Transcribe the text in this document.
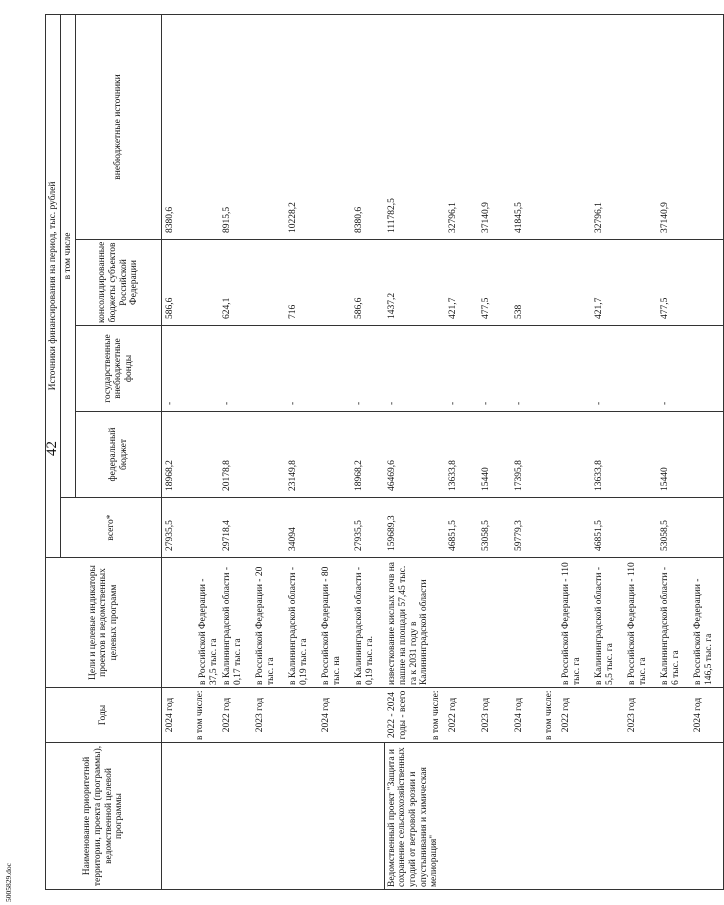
42
5005829.doc
Наименование приоритетной территории, проекта (программы), ведомственной целевой программы	Годы	Цели и целевые индикаторы проектов и ведомственных целевых программ	Источники финансирования на период, тыс. рублей				
			всего*	в том числе			
				федеральный бюджет	государственные внебюджетные фонды	консолидированные бюджеты субъектов Российской Федерации	внебюджетные источники
	2024 год		27935,5	18968,2	-	586,6	8380,6
	в том числе:	в Российской Федерации - 37,5 тыс. га					
	2022 год	в Калининградской области - 0,17 тыс. га	29718,4	20178,8	-	624,1	8915,5
	2023 год	в Российской Федерации - 20 тыс. га					
		в Калининградской области - 0,19 тыс. га	34094	23149,8	-	716	10228,2
	2024 год	в Российской Федерации - 80 тыс. на					
		в Калининградской области - 0,19 тыс. га.	27935,5	18968,2	-	586,6	8380,6
Ведомственный проект "Защита и сохранение сельскохозяйственных угодий от ветровой эрозии и опустынивания и химическая мелиорация"	2022 - 2024 годы - всего	известкование кислых почв на пашне на площади 57,45 тыс. га к 2031 году в Калининградской области	159689,3	46469,6	-	1437,2	111782,5
	в том числе:						
	2022 год		46851,5	13633,8	-	421,7	32796,1
	2023 год		53058,5	15440	-	477,5	37140,9
	2024 год		59779,3	17395,8	-	538	41845,5
	в том числе:						
	2022 год	в Российской Федерации - 110 тыс. га					
		в Калининградской области - 5,5 тыс. га	46851,5	13633,8	-	421,7	32796,1
	2023 год	в Российской Федерации - 110 тыс. га					
		в Калининградской области - 6 тыс. га	53058,5	15440	-	477,5	37140,9
	2024 год	в Российской Федерации - 146,5 тыс. га					
